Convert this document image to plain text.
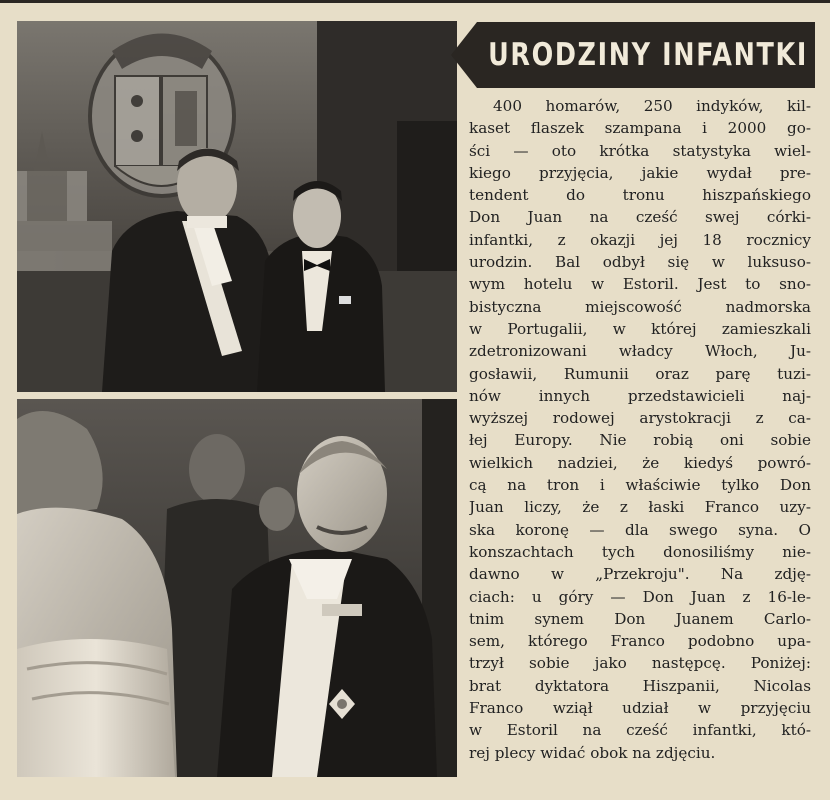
URODZINY INFANTKI
400 homarów, 250 indyków, kil-
kaset flaszek szampana i 2000 go-
ści — oto krótka statystyka wiel-
kiego przyjęcia, jakie wydał pre-
tendent do tronu hiszpańskiego
Don Juan na cześć swej córki-
infantki, z okazji jej 18 rocznicy
urodzin. Bal odbył się w luksuso-
wym hotelu w Estoril. Jest to sno-
bistyczna miejscowość nadmorska
w Portugalii, w której zamieszkali
zdetronizowani władcy Włoch, Ju-
gosławii, Rumunii oraz parę tuzi-
nów innych przedstawicieli naj-
wyższej rodowej arystokracji z ca-
łej Europy. Nie robią oni sobie
wielkich nadziei, że kiedyś powró-
cą na tron i właściwie tylko Don
Juan liczy, że z łaski Franco uzy-
ska koronę — dla swego syna. O
konszachtach tych donosiliśmy nie-
dawno w „Przekroju". Na zdję-
ciach: u góry — Don Juan z 16-le-
tnim synem Don Juanem Carlo-
sem, którego Franco podobno upa-
trzył sobie jako następcę. Poniżej:
brat dyktatora Hiszpanii, Nicolas
Franco wziął udział w przyjęciu
w Estoril na cześć infantki, któ-
rej plecy widać obok na zdjęciu.
